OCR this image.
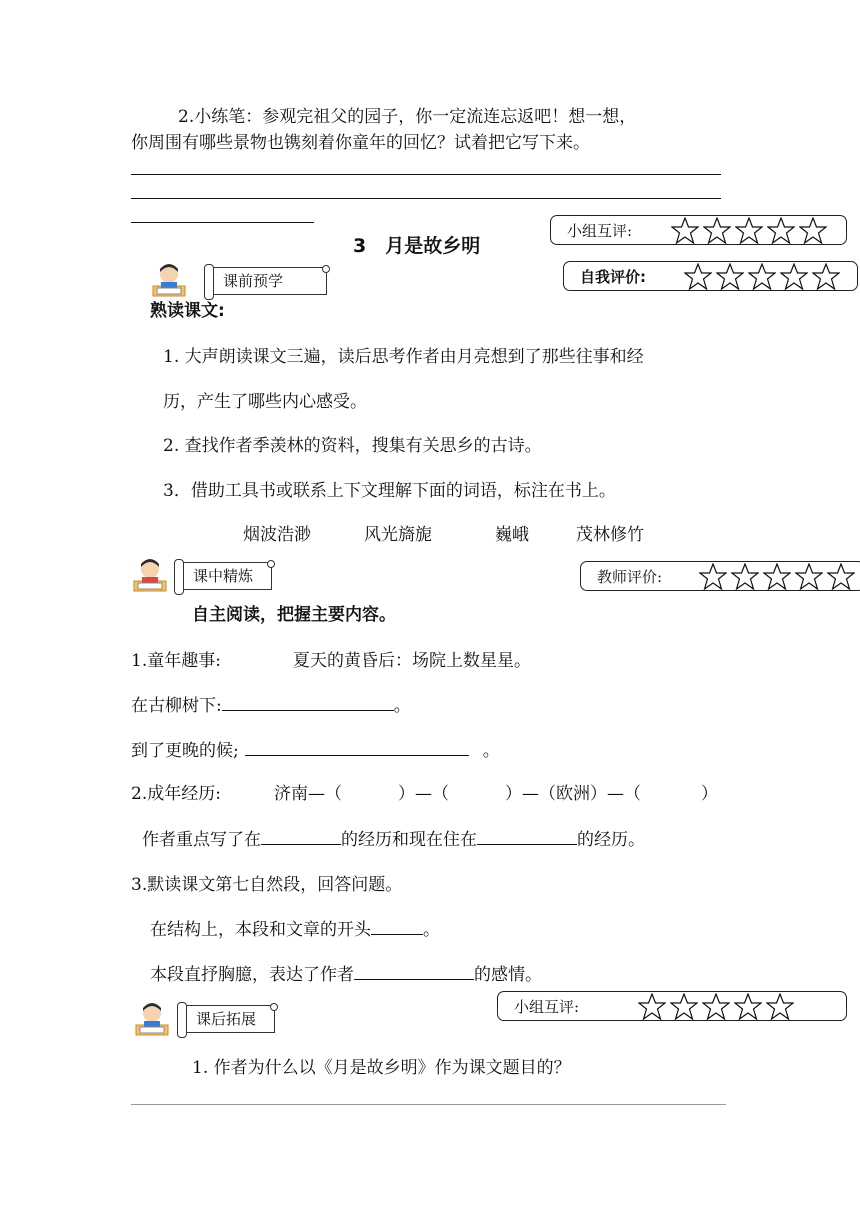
2.小练笔：参观完祖父的园子，你一定流连忘返吧！想一想，
你周围有哪些景物也镌刻着你童年的回忆？试着把它写下来。
3　月是故乡明
小组互评:
课前预学	自我评价:
熟读课文:
1. 大声朗读课文三遍，读后思考作者由月亮想到了那些往事和经
历，产生了哪些内心感受。
2. 查找作者季羡林的资料，搜集有关思乡的古诗。
3．借助工具书或联系上下文理解下面的词语，标注在书上。
烟波浩渺	风光旖旎	巍峨	茂林修竹
课中精炼	教师评价:
自主阅读，把握主要内容。
1.童年趣事:	夏天的黄昏后：场院上数星星。
在古柳树下:	。
到了更晚的候;	。
2.成年经历:	济南—（	）—（	）—（欧洲）—（	）
作者重点写了在	的经历和现在住在	的经历。
3.默读课文第七自然段，回答问题。
在结构上，本段和文章的开头	。
本段直抒胸臆，表达了作者	的感情。
课后拓展
小组互评:
1. 作者为什么以《月是故乡明》作为课文题目的？
